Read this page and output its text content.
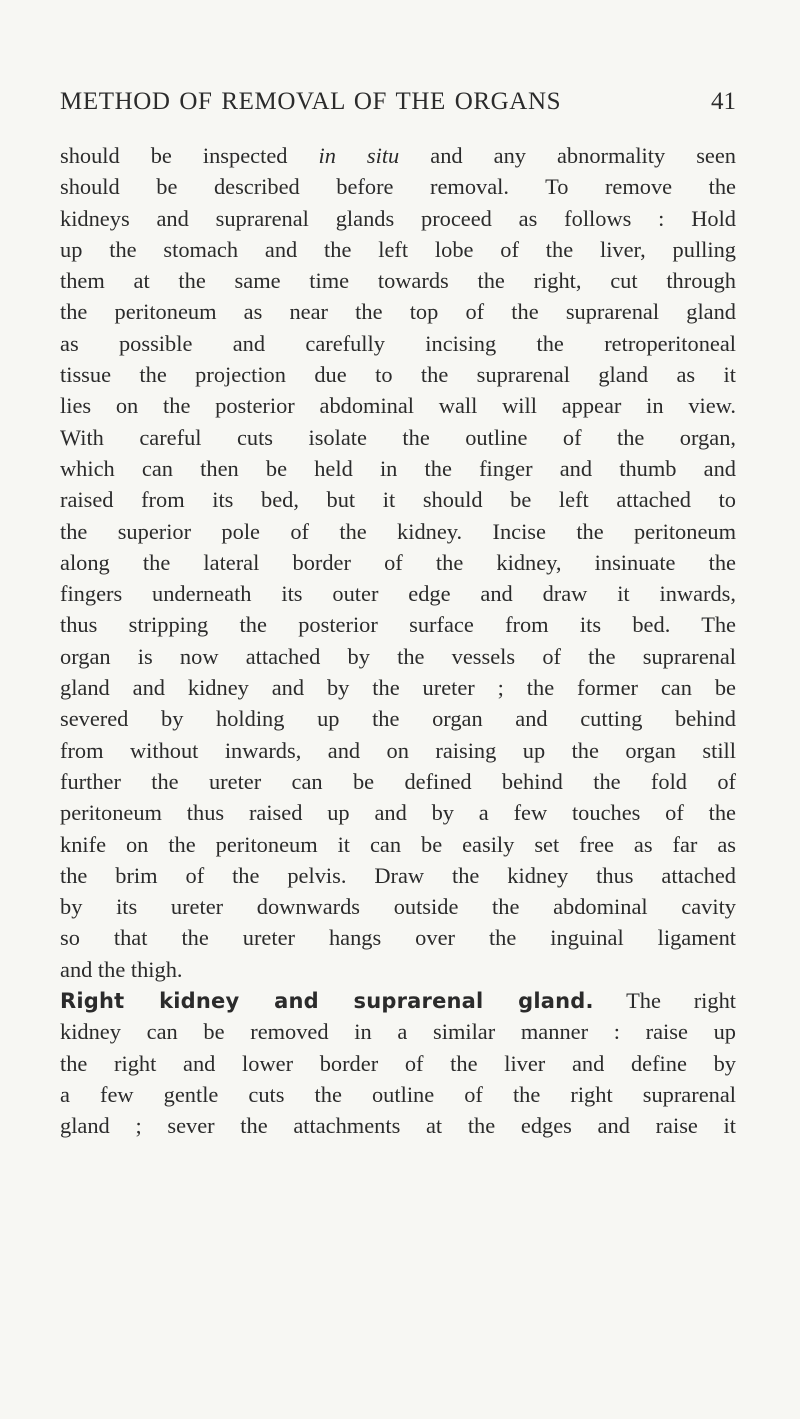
METHOD OF REMOVAL OF THE ORGANS	41
should be inspected in situ and any abnormality seen
should be described before removal. To remove the
kidneys and suprarenal glands proceed as follows : Hold
up the stomach and the left lobe of the liver, pulling
them at the same time towards the right, cut through
the peritoneum as near the top of the suprarenal gland
as possible and carefully incising the retroperitoneal
tissue the projection due to the suprarenal gland as it
lies on the posterior abdominal wall will appear in view.
With careful cuts isolate the outline of the organ,
which can then be held in the finger and thumb and
raised from its bed, but it should be left attached to
the superior pole of the kidney. Incise the peritoneum
along the lateral border of the kidney, insinuate the
fingers underneath its outer edge and draw it inwards,
thus stripping the posterior surface from its bed. The
organ is now attached by the vessels of the suprarenal
gland and kidney and by the ureter ; the former can be
severed by holding up the organ and cutting behind
from without inwards, and on raising up the organ still
further the ureter can be defined behind the fold of
peritoneum thus raised up and by a few touches of the
knife on the peritoneum it can be easily set free as far as
the brim of the pelvis. Draw the kidney thus attached
by its ureter downwards outside the abdominal cavity
so that the ureter hangs over the inguinal ligament
and the thigh.
Right kidney and suprarenal gland. The right
kidney can be removed in a similar manner : raise up
the right and lower border of the liver and define by
a few gentle cuts the outline of the right suprarenal
gland ; sever the attachments at the edges and raise it
